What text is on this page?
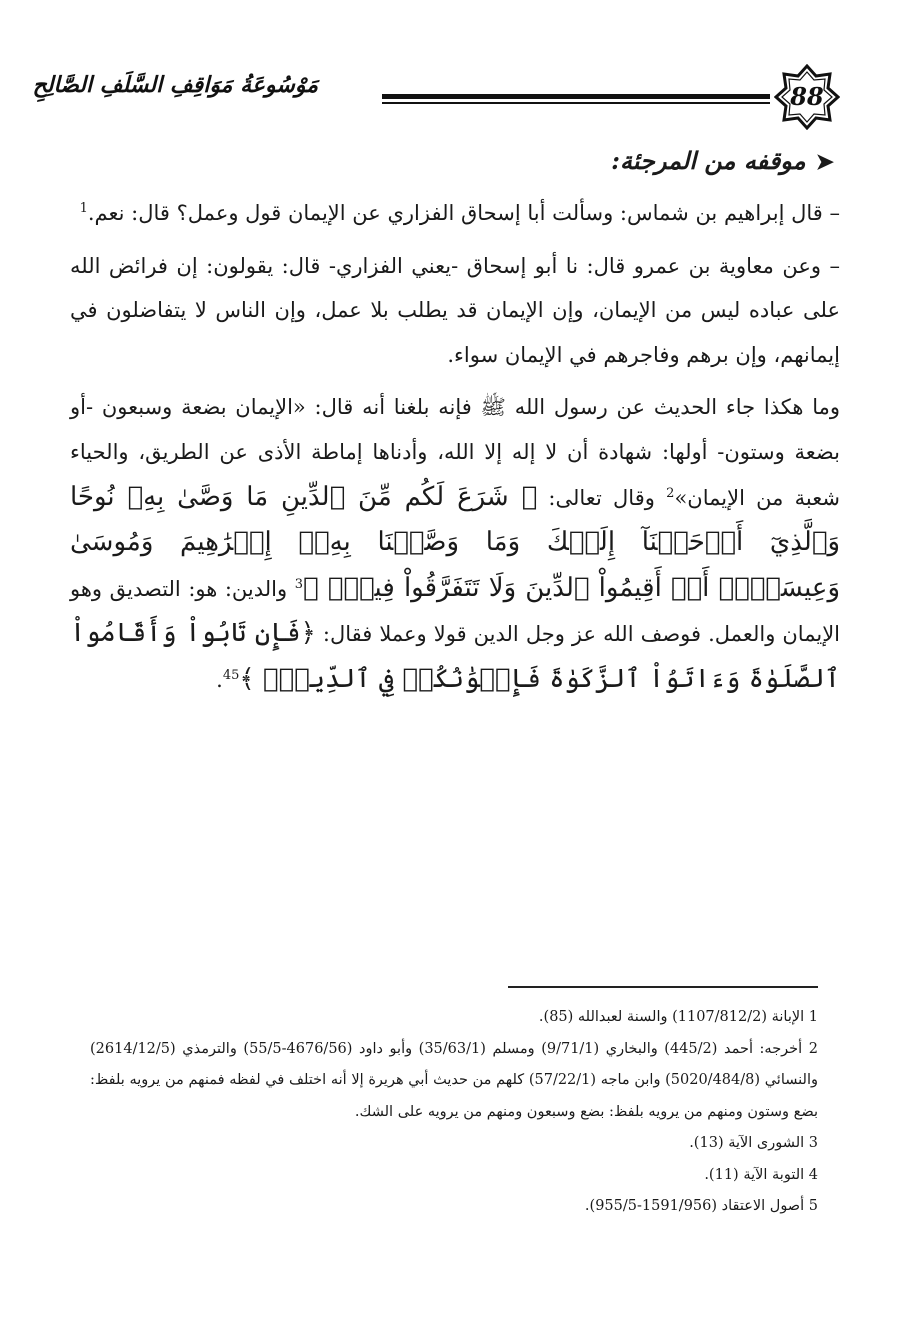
مَوْسُوعَةُ مَوَاقِفِ السَّلَفِ الصَّالِحِ	88
➤موقفه من المرجئة:

– قال إبراهيم بن شماس: وسألت أبا إسحاق الفزاري عن الإيمان قول وعمل؟ قال: نعم.$^1$

– وعن معاوية بن عمرو قال: نا أبو إسحاق -يعني الفزاري- قال: يقولون: إن فرائض الله على عباده ليس من الإيمان، وإن الإيمان قد يطلب بلا عمل، وإن الناس لا يتفاضلون في إيمانهم، وإن برهم وفاجرهم في الإيمان سواء.

وما هكذا جاء الحديث عن رسول الله ﷺ فإنه بلغنا أنه قال: «الإيمان بضعة وسبعون -أو بضعة وستون- أولها: شهادة أن لا إله إلا الله، وأدناها إماطة الأذى عن الطريق، والحياء شعبة من الإيمان»$^2$ وقال تعالى: ﴿ شَرَعَ لَكُم مِّنَ ٱلدِّينِ مَا وَصَّىٰ بِهِۦ نُوحًا وَٱلَّذِيٓ أَوۡحَيۡنَآ إِلَيۡكَ وَمَا وَصَّيۡنَا بِهِۦٓ إِبۡرَٰهِيمَ وَمُوسَىٰ وَعِيسَىٰٓۖ أَنۡ أَقِيمُواْ ٱلدِّينَ وَلَا تَتَفَرَّقُواْ فِيهِۚ ﴾$^3$ والدين: هو: التصديق وهو الإيمان والعمل. فوصف الله عز وجل الدين قولا وعملا فقال: ﴿فَإِن تَابُواْ وَأَقَامُواْ ٱلصَّلَوٰةَ وَءَاتَوُاْ ٱلزَّكَوٰةَ فَإِخۡوَٰنُكُمۡ فِي ٱلدِّينِۗ ﴾$^{45}$.

1 الإبانة (1107/812/2) والسنة لعبدالله (85).
2 أخرجه: أحمد (445/2) والبخاري (9/71/1) ومسلم (35/63/1) وأبو داود (4676/56-55/5) والترمذي (2614/12/5) والنسائي (5020/484/8) وابن ماجه (57/22/1) كلهم من حديث أبي هريرة إلا أنه اختلف في لفظه فمنهم من يرويه بلفظ: بضع وستون ومنهم من يرويه بلفظ: بضع وسبعون ومنهم من يرويه على الشك.
3 الشورى الآية (13).
4 التوبة الآية (11).
5 أصول الاعتقاد (1591/956-955/5).
